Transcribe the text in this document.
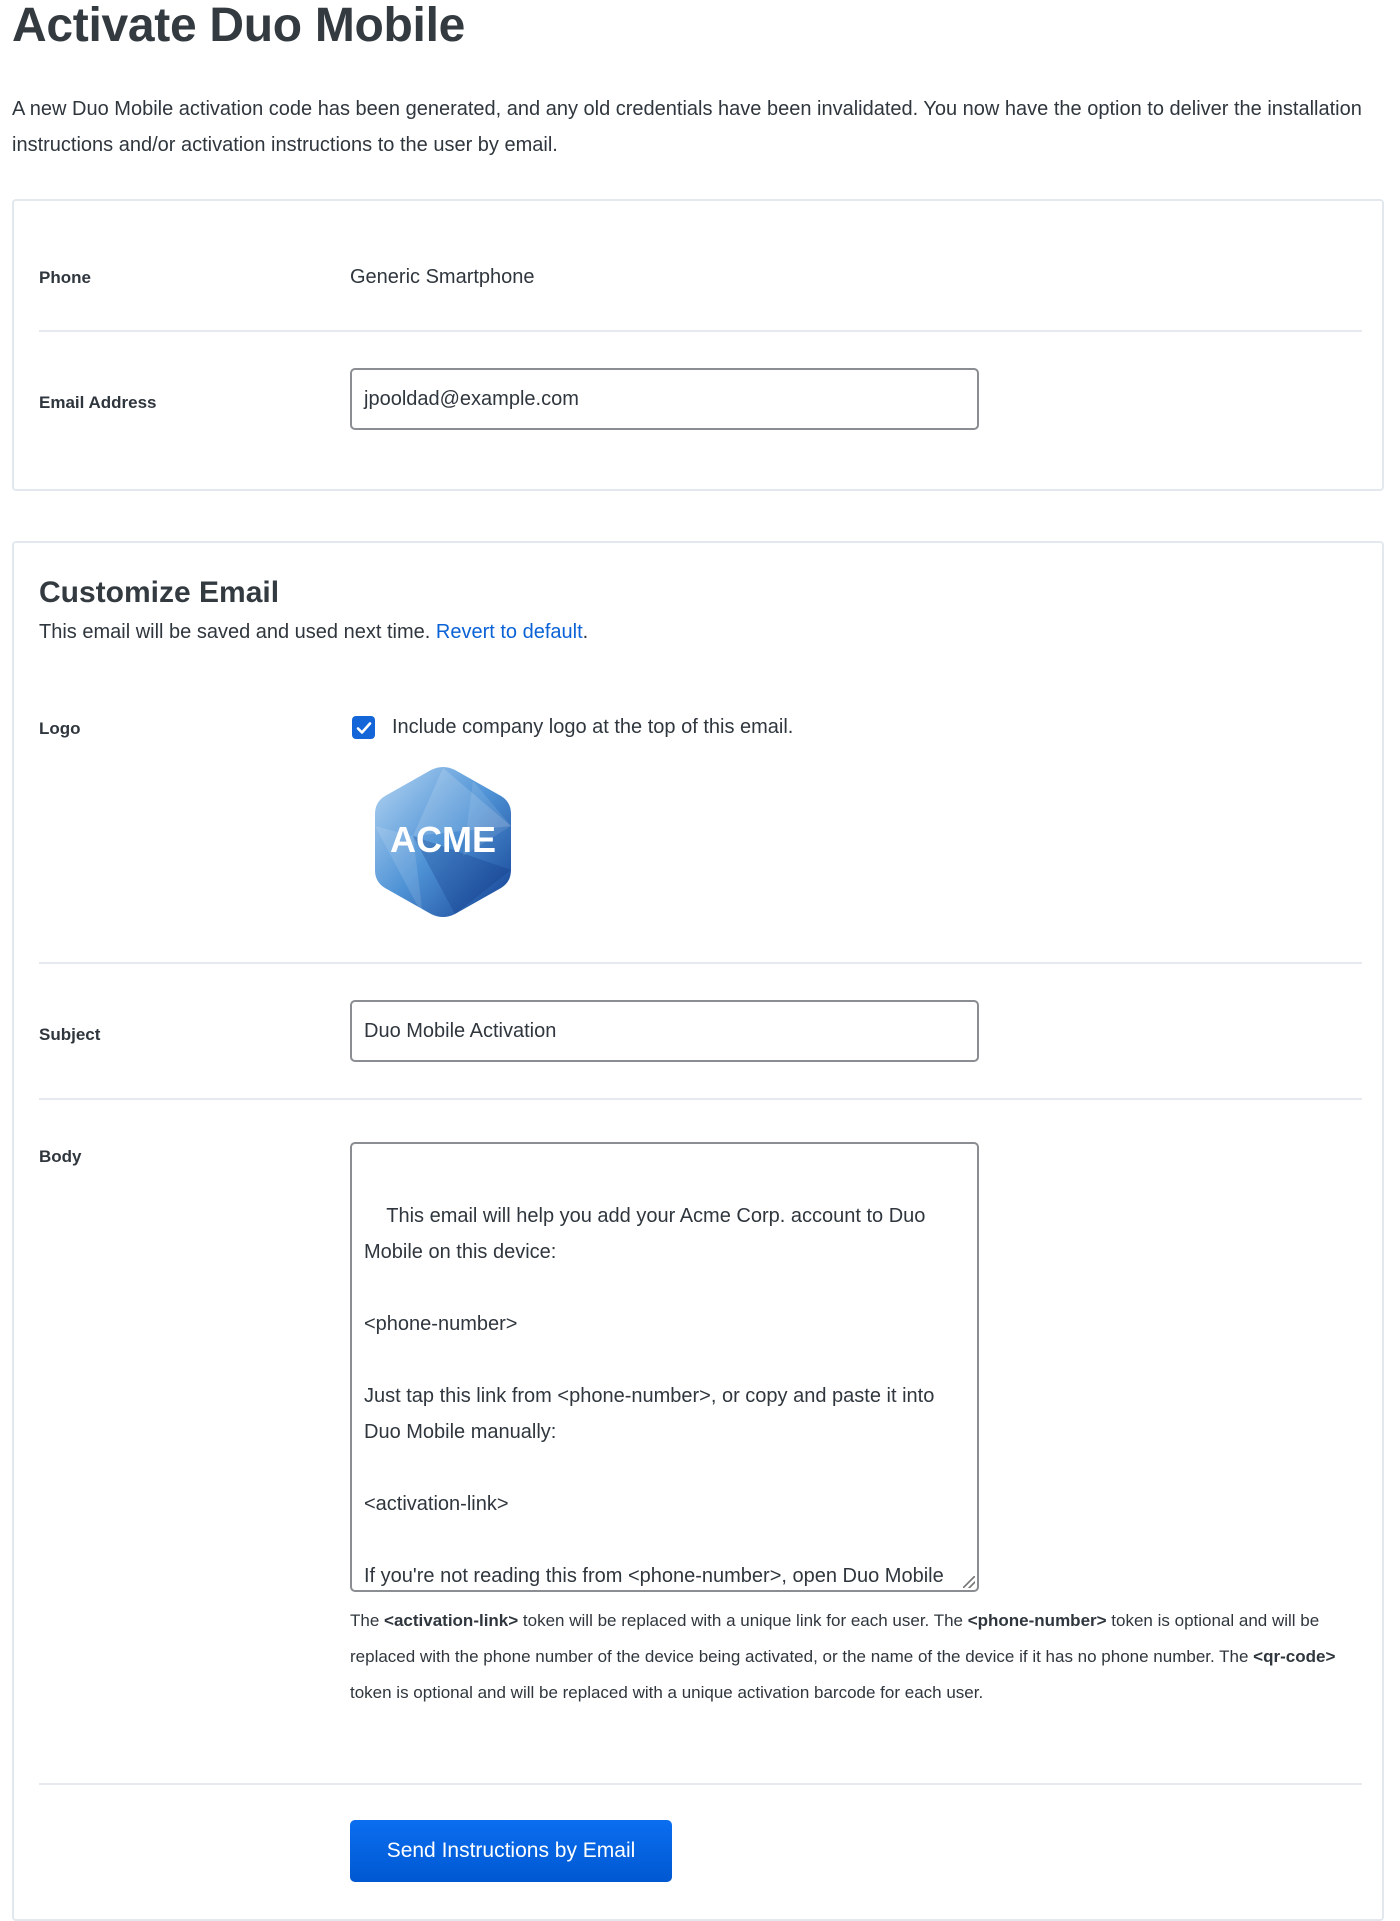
Activate Duo Mobile

A new Duo Mobile activation code has been generated, and any old credentials have been invalidated. You now have the option to deliver the installation instructions and/or activation instructions to the user by email.

Phone	Generic Smartphone
Email Address	jpooldad@example.com
Customize Email
This email will be saved and used next time. Revert to default.
Logo	Include company logo at the top of this email.
ACME
Subject	Duo Mobile Activation
Body

This email will help you add your Acme Corp. account to Duo Mobile on this device:

<phone-number>

Just tap this link from <phone-number>, or copy and paste it into Duo Mobile manually:

<activation-link>

If you're not reading this from <phone-number>, open Duo Mobile

The <activation-link> token will be replaced with a unique link for each user. The <phone-number> token is optional and will be replaced with the phone number of the device being activated, or the name of the device if it has no phone number. The <qr-code> token is optional and will be replaced with a unique activation barcode for each user.
Send Instructions by Email
